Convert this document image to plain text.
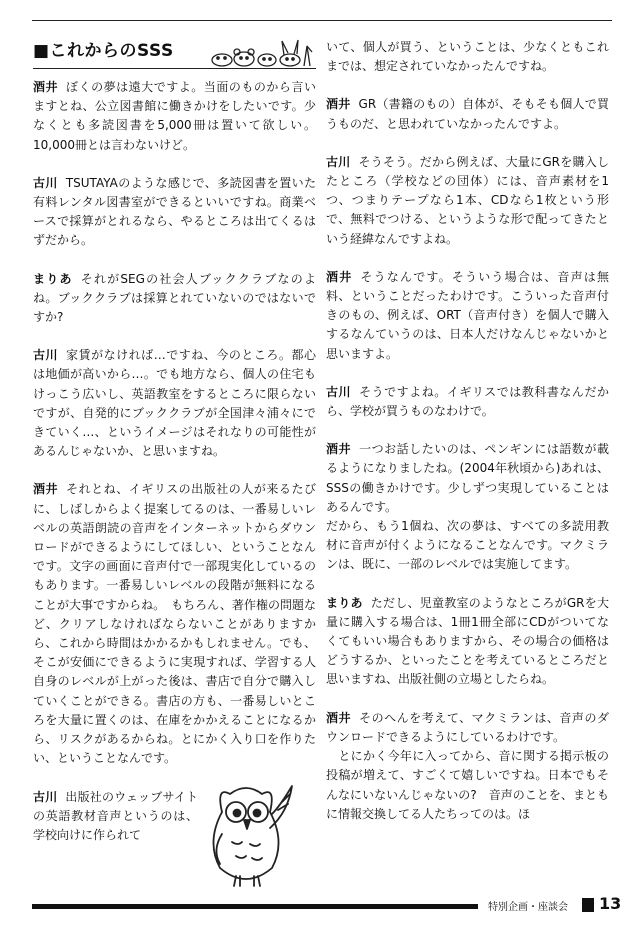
■これからのSSS

酒井 ぼくの夢は遠大ですよ。当面のものから言いますとね、公立図書館に働きかけをしたいです。少なくとも多読図書を5,000冊は置いて欲しい。10,000冊とは言わないけど。

古川 TSUTAYAのような感じで、多読図書を置いた有料レンタル図書室ができるといいですね。商業ベースで採算がとれるなら、やるところは出てくるはずだから。

まりあ それがSEGの社会人ブッククラブなのよね。ブッククラブは採算とれていないのではないですか?

古川 家賃がなければ…ですね、今のところ。都心は地価が高いから…。でも地方なら、個人の住宅もけっこう広いし、英語教室をするところに限らないですが、自発的にブッククラブが全国津々浦々にできていく…、というイメージはそれなりの可能性があるんじゃないか、と思いますね。

酒井 それとね、イギリスの出版社の人が来るたびに、しばしからよく提案してるのは、一番易しいレベルの英語朗読の音声をインターネットからダウンロードができるようにしてほしい、ということなんです。文字の画面に音声付で一部現実化しているのもあります。一番易しいレベルの段階が無料になることが大事ですからね。　もちろん、著作権の問題など、クリアしなければならないことがありますから、これから時間はかかるかもしれません。でも、そこが安価にできるように実現すれば、学習する人自身のレベルが上がった後は、書店で自分で購入していくことができる。書店の方も、一番易しいところを大量に置くのは、在庫をかかえることになるから、リスクがあるからね。とにかく入り口を作りたい、ということなんです。

古川 出版社のウェッブサイトの英語教材音声というのは、学校向けに作られて

いて、個人が買う、ということは、少なくともこれまでは、想定されていなかったんですね。

酒井 GR（書籍のもの）自体が、そもそも個人で買うものだ、と思われていなかったんですよ。

古川 そうそう。だから例えば、大量にGRを購入したところ（学校などの団体）には、音声素材を1つ、つまりテープなら1本、CDなら1枚という形で、無料でつける、というような形で配ってきたという経緯なんですよね。

酒井 そうなんです。そういう場合は、音声は無料、ということだったわけです。こういった音声付きのもの、例えば、ORT（音声付き）を個人で購入するなんていうのは、日本人だけなんじゃないかと思いますよ。

古川 そうですよね。イギリスでは教科書なんだから、学校が買うものなわけで。

酒井 一つお話したいのは、ペンギンには語数が載るようになりましたね。(2004年秋頃から)あれは、SSSの働きかけです。少しずつ実現していることはあるんです。

だから、もう1個ね、次の夢は、すべての多読用教材に音声が付くようになることなんです。マクミランは、既に、一部のレベルでは実施してます。

まりあ ただし、児童教室のようなところがGRを大量に購入する場合は、1冊1冊全部にCDがついてなくてもいい場合もありますから、その場合の価格はどうするか、といったことを考えているところだと思いますね、出版社側の立場としたらね。

酒井 そのへんを考えて、マクミランは、音声のダウンロードできるようにしているわけです。

　とにかく今年に入ってから、音に関する掲示板の投稿が増えて、すごくて嬉しいですね。日本でもそんなにいないんじゃないの?　音声のことを、まともに情報交換してる人たちってのは。ほ

特別企画・座談会 13
